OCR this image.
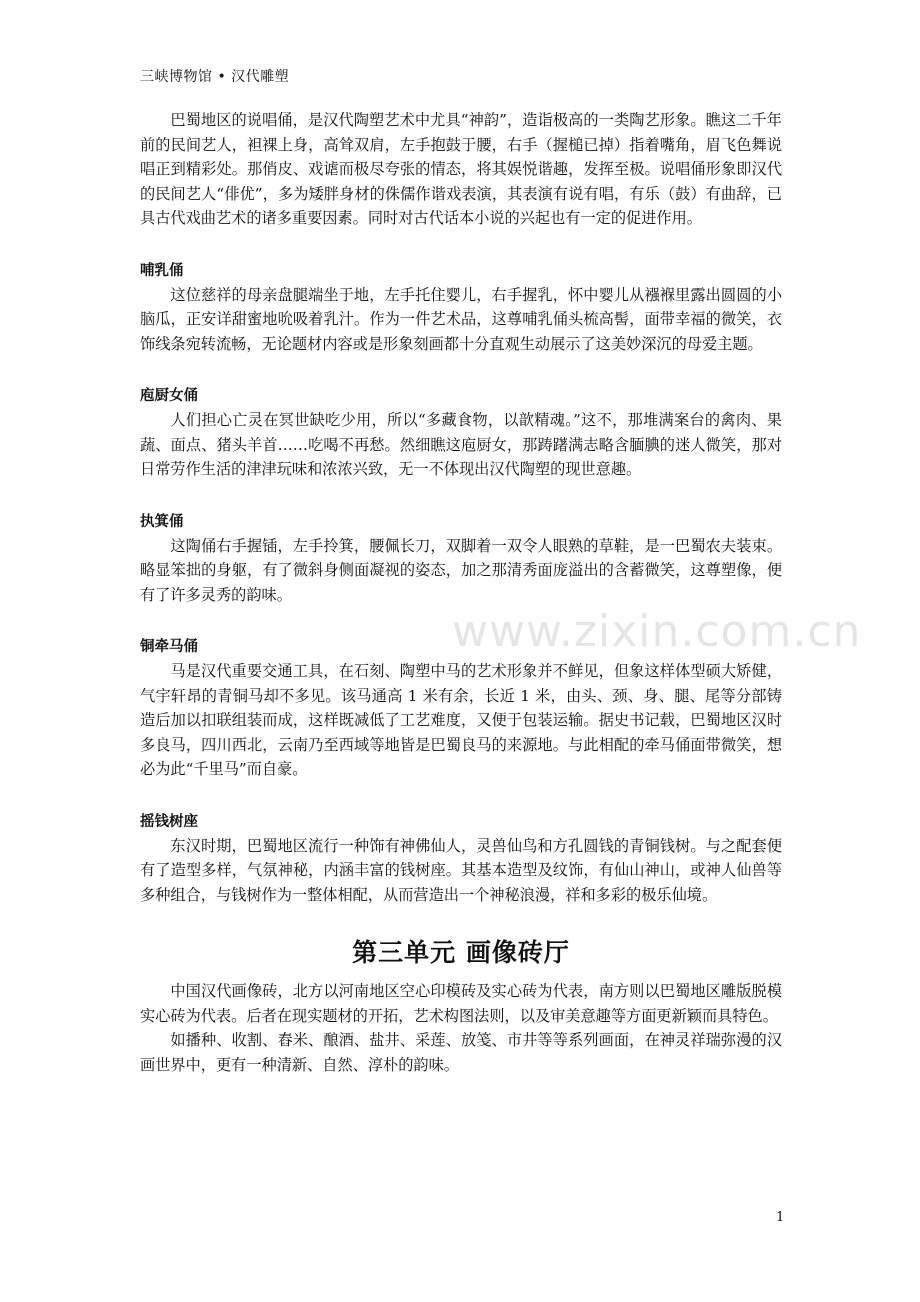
三峡博物馆 • 汉代雕塑

巴蜀地区的说唱俑，是汉代陶塑艺术中尤具“神韵”，造诣极高的一类陶艺形象。瞧这二千年前的民间艺人，袒裸上身，高耸双肩，左手抱鼓于腰，右手（握槌已掉）指着嘴角，眉飞色舞说唱正到精彩处。那俏皮、戏谑而极尽夸张的情态，将其娱悦谐趣，发挥至极。说唱俑形象即汉代的民间艺人“俳优”，多为矮胖身材的侏儒作谐戏表演，其表演有说有唱，有乐（鼓）有曲辞，已具古代戏曲艺术的诸多重要因素。同时对古代话本小说的兴起也有一定的促进作用。

哺乳俑

这位慈祥的母亲盘腿端坐于地，左手托住婴儿，右手握乳，怀中婴儿从襁褓里露出圆圆的小脑瓜，正安详甜蜜地吮吸着乳汁。作为一件艺术品，这尊哺乳俑头梳高髻，面带幸福的微笑，衣饰线条宛转流畅，无论题材内容或是形象刻画都十分直观生动展示了这美妙深沉的母爱主题。

庖厨女俑

人们担心亡灵在冥世缺吃少用，所以“多藏食物，以歆精魂。”这不，那堆满案台的禽肉、果蔬、面点、猪头羊首……吃喝不再愁。然细瞧这庖厨女，那踌躇满志略含腼腆的迷人微笑，那对日常劳作生活的津津玩味和浓浓兴致，无一不体现出汉代陶塑的现世意趣。

执箕俑

这陶俑右手握锸，左手拎箕，腰佩长刀，双脚着一双令人眼熟的草鞋，是一巴蜀农夫装束。略显笨拙的身躯，有了微斜身侧面凝视的姿态，加之那清秀面庞溢出的含蓄微笑，这尊塑像，便有了许多灵秀的韵味。

铜牵马俑

马是汉代重要交通工具，在石刻、陶塑中马的艺术形象并不鲜见，但象这样体型硕大矫健，气宇轩昂的青铜马却不多见。该马通高 1 米有余，长近 1 米，由头、颈、身、腿、尾等分部铸造后加以扣联组装而成，这样既减低了工艺难度，又便于包装运输。据史书记载，巴蜀地区汉时多良马，四川西北，云南乃至西域等地皆是巴蜀良马的来源地。与此相配的牵马俑面带微笑，想必为此“千里马”而自豪。

摇钱树座

东汉时期，巴蜀地区流行一种饰有神佛仙人，灵兽仙鸟和方孔圆钱的青铜钱树。与之配套便有了造型多样，气氛神秘，内涵丰富的钱树座。其基本造型及纹饰，有仙山神山，或神人仙兽等多种组合，与钱树作为一整体相配，从而营造出一个神秘浪漫，祥和多彩的极乐仙境。

第三单元 画像砖厅

中国汉代画像砖，北方以河南地区空心印模砖及实心砖为代表，南方则以巴蜀地区雕版脱模实心砖为代表。后者在现实题材的开拓，艺术构图法则，以及审美意趣等方面更新颖而具特色。

如播种、收割、舂米、酿酒、盐井、采莲、放笺、市井等等系列画面，在神灵祥瑞弥漫的汉画世界中，更有一种清新、自然、淳朴的韵味。

www.zixin.com.cn
1
